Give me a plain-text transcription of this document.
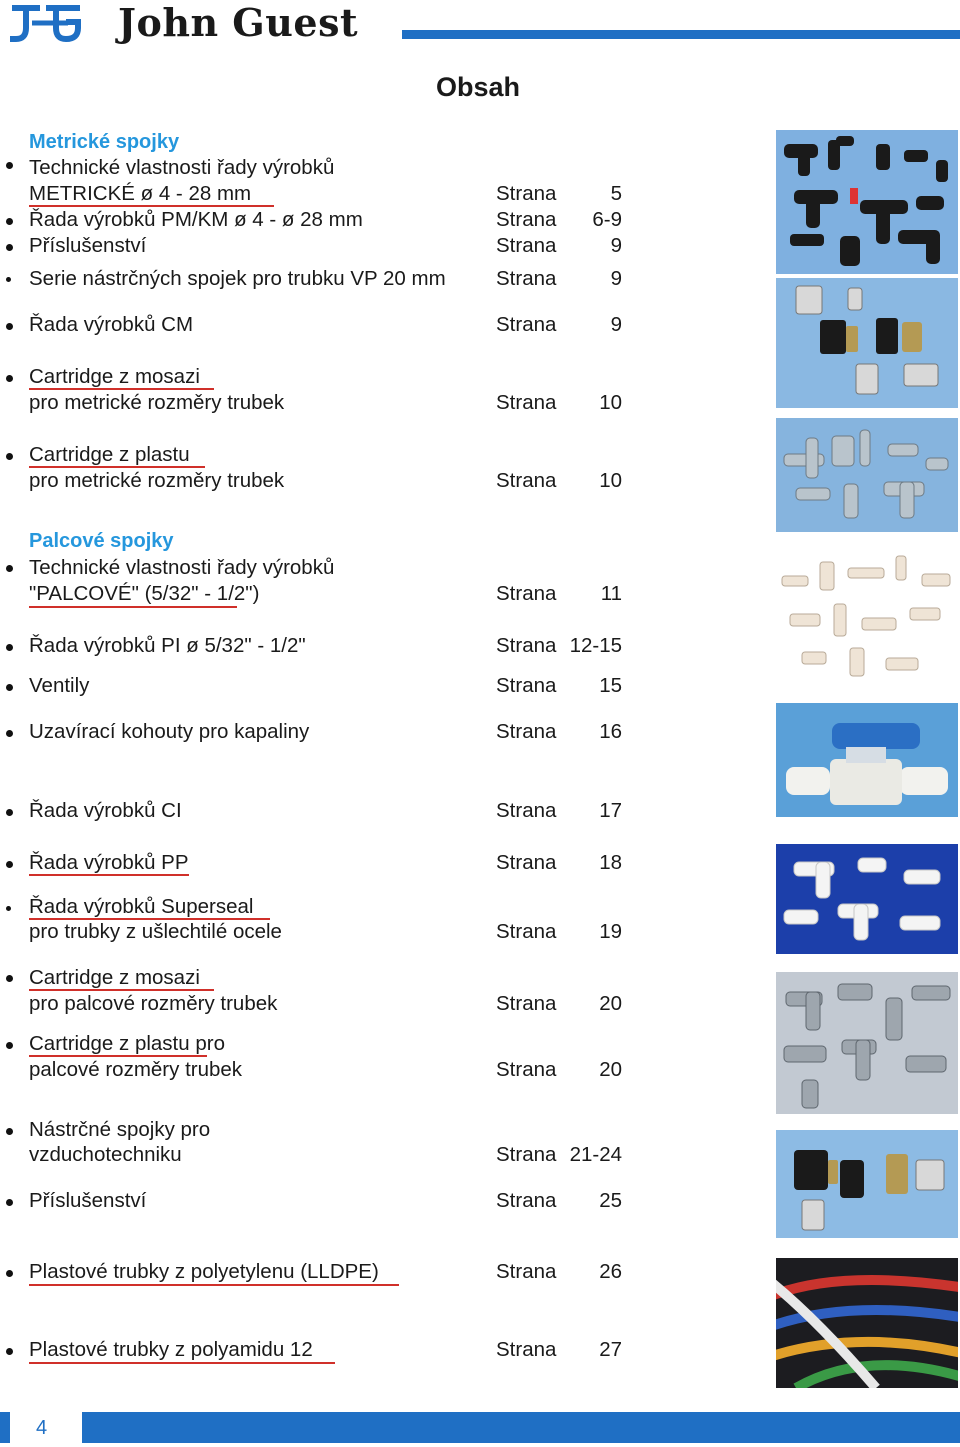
John Guest
Obsah
Metrické spojky
Technické vlastnosti řady výrobků
METRICKÉ ø 4 - 28 mm	Strana	5
Řada výrobků PM/KM ø 4 - ø 28 mm	Strana 6-9
Příslušenství	Strana	9
Serie nástrčných spojek pro trubku VP 20 mm Strana	9
Řada výrobků CM	Strana	9
Cartridge z mosazi
pro metrické rozměry trubek	Strana 10
Cartridge z plastu
pro metrické rozměry trubek	Strana 10
Palcové spojky
Technické vlastnosti řady výrobků
"PALCOVÉ" (5/32" - 1/2")	Strana 11
Řada výrobků PI ø 5/32" - 1/2"	Strana 12-15
Ventily	Strana 15
Uzavírací kohouty pro kapaliny	Strana 16
Řada výrobků CI	Strana 17
Řada výrobků PP	Strana 18
Řada výrobků Superseal
pro trubky z ušlechtilé ocele	Strana 19
Cartridge z mosazi
pro palcové rozměry trubek	Strana 20
Cartridge z plastu pro
palcové rozměry trubek	Strana 20
Nástrčné spojky pro
vzduchotechniku	Strana 21-24
Příslušenství	Strana 25
Plastové trubky z polyetylenu (LLDPE)	Strana 26
Plastové trubky z polyamidu 12	Strana 27
4
